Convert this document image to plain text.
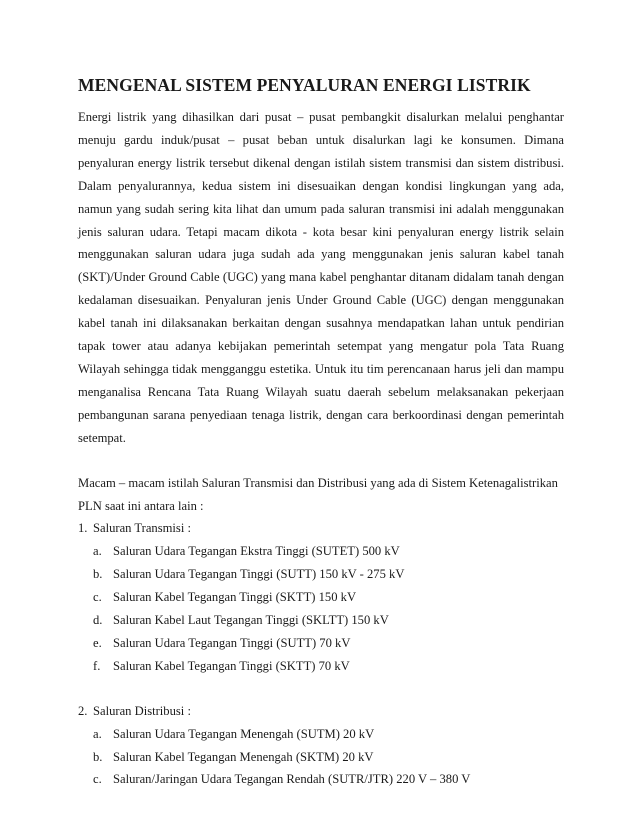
MENGENAL SISTEM PENYALURAN ENERGI LISTRIK

Energi listrik yang dihasilkan dari pusat – pusat pembangkit disalurkan melalui penghantar menuju gardu induk/pusat – pusat beban untuk disalurkan lagi ke konsumen. Dimana penyaluran energy listrik tersebut dikenal dengan istilah sistem transmisi dan sistem distribusi. Dalam penyalurannya, kedua sistem ini disesuaikan dengan kondisi lingkungan yang ada, namun yang sudah sering kita lihat dan umum pada saluran transmisi ini adalah menggunakan jenis saluran udara. Tetapi macam dikota - kota besar kini penyaluran energy listrik selain menggunakan saluran udara juga sudah ada yang menggunakan jenis saluran kabel tanah (SKT)/Under Ground Cable (UGC) yang mana kabel penghantar ditanam didalam tanah dengan kedalaman disesuaikan. Penyaluran jenis Under Ground Cable (UGC) dengan menggunakan kabel tanah ini dilaksanakan berkaitan dengan susahnya mendapatkan lahan untuk pendirian tapak tower atau adanya kebijakan pemerintah setempat yang mengatur pola Tata Ruang Wilayah sehingga tidak mengganggu estetika. Untuk itu tim perencanaan harus jeli dan mampu menganalisa Rencana Tata Ruang Wilayah suatu daerah sebelum melaksanakan pekerjaan pembangunan sarana penyediaan tenaga listrik, dengan cara berkoordinasi dengan pemerintah setempat.

Macam – macam istilah Saluran Transmisi dan Distribusi yang ada di Sistem Ketenagalistrikan PLN saat ini antara lain :

1. Saluran Transmisi :
a. Saluran Udara Tegangan Ekstra Tinggi (SUTET) 500 kV
b. Saluran Udara Tegangan Tinggi (SUTT) 150 kV - 275 kV
c. Saluran Kabel Tegangan Tinggi (SKTT) 150 kV
d. Saluran Kabel Laut Tegangan Tinggi (SKLTT) 150 kV
e. Saluran Udara Tegangan Tinggi (SUTT) 70 kV
f. Saluran Kabel Tegangan Tinggi (SKTT) 70 kV
2. Saluran Distribusi :
a. Saluran Udara Tegangan Menengah (SUTM) 20 kV
b. Saluran Kabel Tegangan Menengah (SKTM) 20 kV
c. Saluran/Jaringan Udara Tegangan Rendah (SUTR/JTR) 220 V – 380 V
